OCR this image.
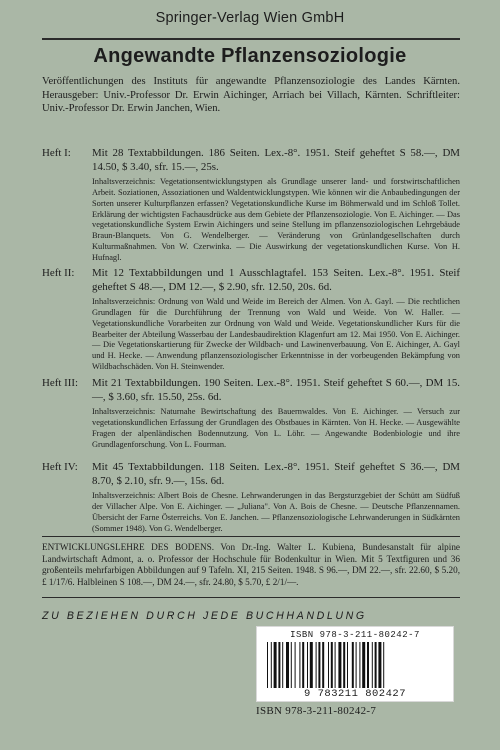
Springer-Verlag Wien GmbH
Angewandte Pflanzensoziologie
Veröffentlichungen des Instituts für angewandte Pflanzensoziologie des Landes Kärnten. Herausgeber: Univ.-Professor Dr. Erwin Aichinger, Arriach bei Villach, Kärnten. Schriftleiter: Univ.-Professor Dr. Erwin Janchen, Wien.
Heft I:	Mit 28 Textabbildungen. 186 Seiten. Lex.-8°. 1951. Steif geheftet S 58.—, DM 14.50, $ 3.40, sfr. 15.—, 25s.
Inhaltsverzeichnis: Vegetationsentwicklungstypen als Grundlage unserer land- und forstwirtschaftlichen Arbeit. Soziationen, Assoziationen und Waldentwicklungstypen. Wie können wir die Anbaubedingungen der Sorten unserer Kulturpflanzen erfassen? Vegetationskundliche Kurse im Böhmerwald und im Schloß Tollet. Erklärung der wichtigsten Fachausdrücke aus dem Gebiete der Pflanzensoziologie. Von E. Aichinger. — Das vegetationskundliche System Erwin Aichingers und seine Stellung im pflanzensoziologischen Lehrgebäude Braun-Blanquets. Von G. Wendelberger. — Veränderung von Grünlandgesellschaften durch Kulturmaßnahmen. Von W. Czerwinka. — Die Auswirkung der vegetationskundlichen Kurse. Von H. Hufnagl.
Heft II:	Mit 12 Textabbildungen und 1 Ausschlagtafel. 153 Seiten. Lex.-8°. 1951. Steif geheftet S 48.—, DM 12.—, $ 2.90, sfr. 12.50, 20s. 6d.
Inhaltsverzeichnis: Ordnung von Wald und Weide im Bereich der Almen. Von A. Gayl. — Die rechtlichen Grundlagen für die Durchführung der Trennung von Wald und Weide. Von W. Haller. — Vegetationskundliche Vorarbeiten zur Ordnung von Wald und Weide. Vegetationskundlicher Kurs für die Bearbeiter der Abteilung Wasserbau der Landesbaudirektion Klagenfurt am 12. Mai 1950. Von E. Aichinger. — Die Vegetationskartierung für Zwecke der Wildbach- und Lawinenverbauung. Von E. Aichinger, A. Gayl und H. Hecke. — Anwendung pflanzensoziologischer Erkenntnisse in der vorbeugenden Bekämpfung von Wildbachschäden. Von H. Steinwender.
Heft III:	Mit 21 Textabbildungen. 190 Seiten. Lex.-8°. 1951. Steif geheftet S 60.—, DM 15.—, $ 3.60, sfr. 15.50, 25s. 6d.
Inhaltsverzeichnis: Naturnahe Bewirtschaftung des Bauernwaldes. Von E. Aichinger. — Versuch zur vegetationskundlichen Erfassung der Grundlagen des Obstbaues in Kärnten. Von H. Hecke. — Ausgewählte Fragen der alpenländischen Bodennutzung. Von L. Löhr. — Angewandte Bodenbiologie und ihre Grundlagenforschung. Von L. Fourman.
Heft IV:	Mit 45 Textabbildungen. 118 Seiten. Lex.-8°. 1951. Steif geheftet S 36.—, DM 8.70, $ 2.10, sfr. 9.—, 15s. 6d.
Inhaltsverzeichnis: Albert Bois de Chesne. Lehrwanderungen in das Bergsturzgebiet der Schütt am Südfuß der Villacher Alpe. Von E. Aichinger. — „Juliana". Von A. Bois de Chesne. — Deutsche Pflanzennamen. Übersicht der Farne Österreichs. Von E. Janchen. — Pflanzensoziologische Lehrwanderungen in Südkärnten (Sommer 1948). Von G. Wendelberger.
ENTWICKLUNGSLEHRE DES BODENS. Von Dr.-Ing. Walter L. Kubiena, Bundesanstalt für alpine Landwirtschaft Admont, a. o. Professor der Hochschule für Bodenkultur in Wien. Mit 5 Textfiguren und 36 großenteils mehrfarbigen Abbildungen auf 9 Tafeln. XI, 215 Seiten. 1948. S 96.—, DM 22.—, sfr. 22.60, $ 5.20, £ 1/17/6. Halbleinen S 108.—, DM 24.—, sfr. 24.80, $ 5.70, £ 2/1/—.
ZU BEZIEHEN DURCH JEDE BUCHHANDLUNG
ISBN 978-3-211-80242-7
9 783211 802427
ISBN 978-3-211-80242-7
